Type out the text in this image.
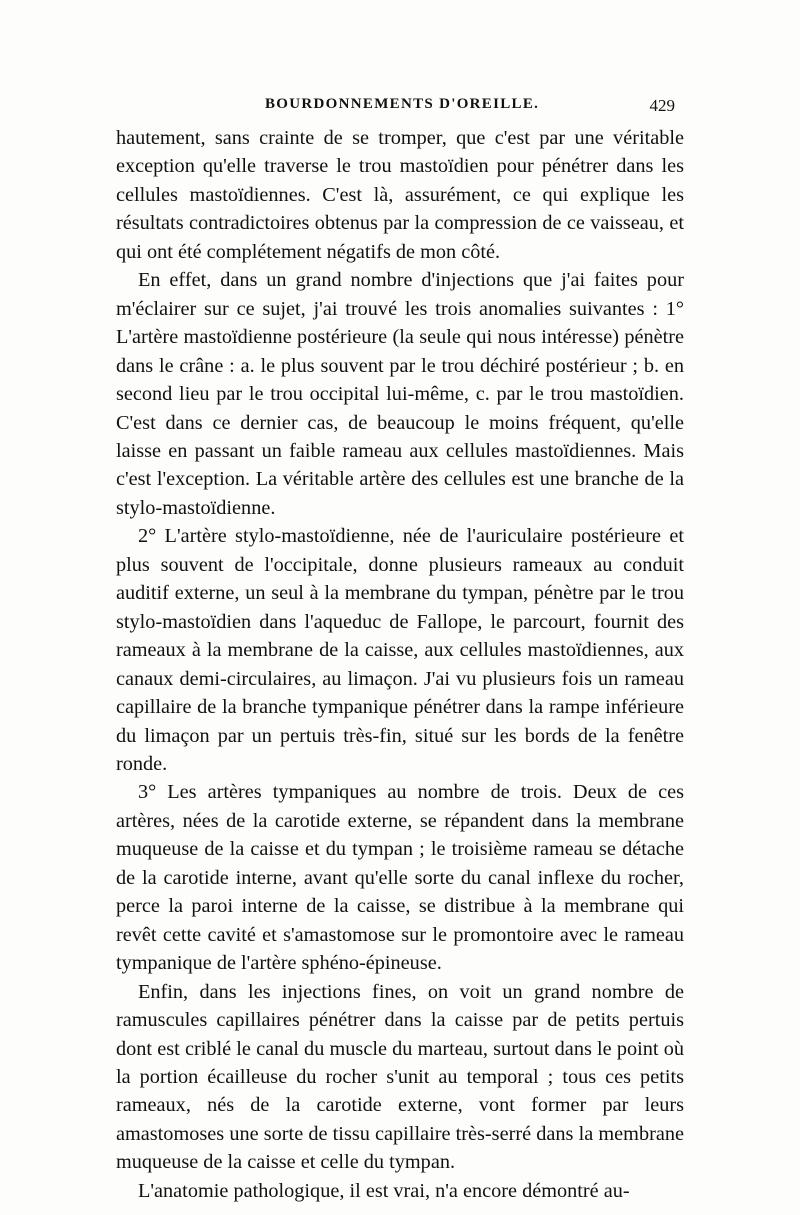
BOURDONNEMENTS D'OREILLE.	429

hautement, sans crainte de se tromper, que c'est par une véritable exception qu'elle traverse le trou mastoïdien pour pénétrer dans les cellules mastoïdiennes. C'est là, assurément, ce qui explique les résultats contradictoires obtenus par la compression de ce vaisseau, et qui ont été complétement négatifs de mon côté.

En effet, dans un grand nombre d'injections que j'ai faites pour m'éclairer sur ce sujet, j'ai trouvé les trois anomalies suivantes : 1° L'artère mastoïdienne postérieure (la seule qui nous intéresse) pénètre dans le crâne : a. le plus souvent par le trou déchiré postérieur ; b. en second lieu par le trou occipital lui-même, c. par le trou mastoïdien. C'est dans ce dernier cas, de beaucoup le moins fréquent, qu'elle laisse en passant un faible rameau aux cellules mastoïdiennes. Mais c'est l'exception. La véritable artère des cellules est une branche de la stylo-mastoïdienne.

2° L'artère stylo-mastoïdienne, née de l'auriculaire postérieure et plus souvent de l'occipitale, donne plusieurs rameaux au conduit auditif externe, un seul à la membrane du tympan, pénètre par le trou stylo-mastoïdien dans l'aqueduc de Fallope, le parcourt, fournit des rameaux à la membrane de la caisse, aux cellules mastoïdiennes, aux canaux demi-circulaires, au limaçon. J'ai vu plusieurs fois un rameau capillaire de la branche tympanique pénétrer dans la rampe inférieure du limaçon par un pertuis très-fin, situé sur les bords de la fenêtre ronde.

3° Les artères tympaniques au nombre de trois. Deux de ces artères, nées de la carotide externe, se répandent dans la membrane muqueuse de la caisse et du tympan ; le troisième rameau se détache de la carotide interne, avant qu'elle sorte du canal inflexe du rocher, perce la paroi interne de la caisse, se distribue à la membrane qui revêt cette cavité et s'amastomose sur le promontoire avec le rameau tympanique de l'artère sphéno-épineuse.

Enfin, dans les injections fines, on voit un grand nombre de ramuscules capillaires pénétrer dans la caisse par de petits pertuis dont est criblé le canal du muscle du marteau, surtout dans le point où la portion écailleuse du rocher s'unit au temporal ; tous ces petits rameaux, nés de la carotide externe, vont former par leurs amastomoses une sorte de tissu capillaire très-serré dans la membrane muqueuse de la caisse et celle du tympan.

L'anatomie pathologique, il est vrai, n'a encore démontré au-
